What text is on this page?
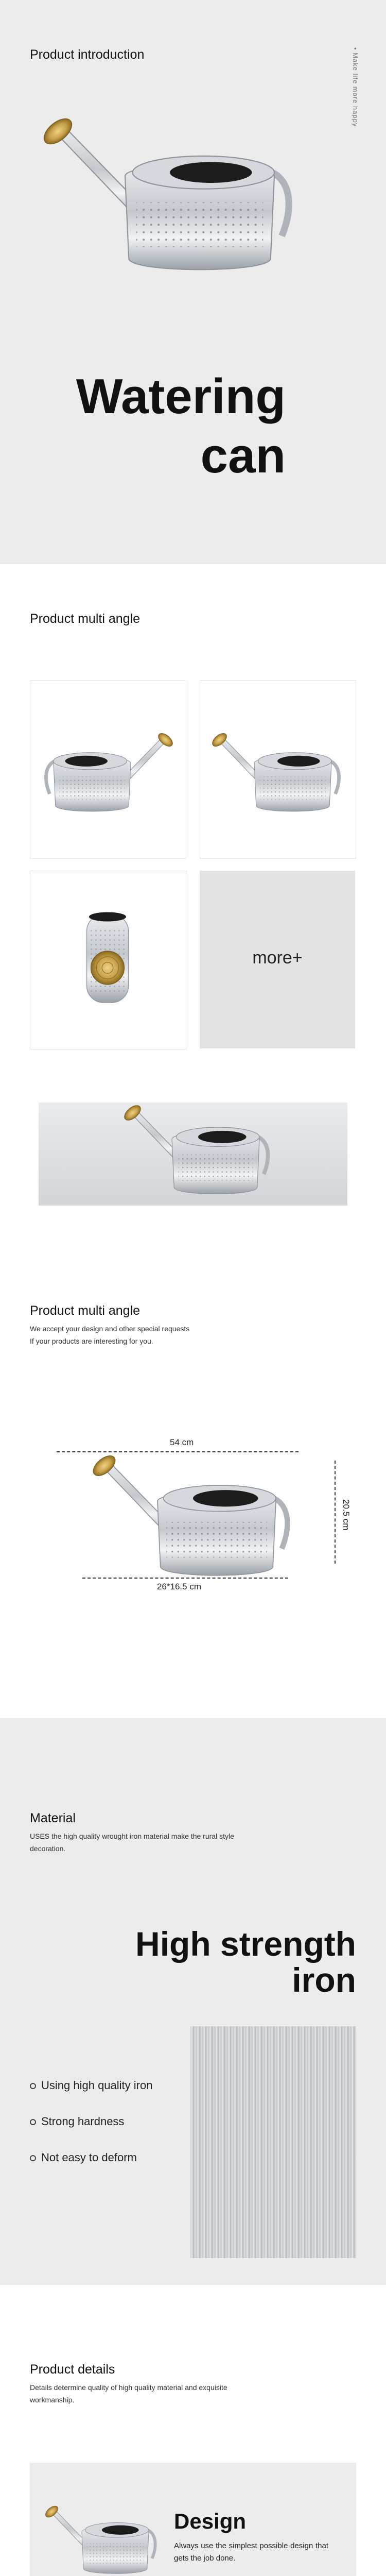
Product introduction	• Make life more happy
Watering
can
Product multi angle
more+
Product multi angle
We accept your design and other special requests
If your products are interesting for you.
54 cm
20.5 cm
26*16.5 cm
Material
USES the high quality wrought iron material make the rural style
decoration.
High strength
iron
Using high quality iron
Strong hardness
Not easy to deform
Product details
Details determine quality of high quality material and exquisite
workmanship.
Design
Always use the simplest possible design that gets the job done.
